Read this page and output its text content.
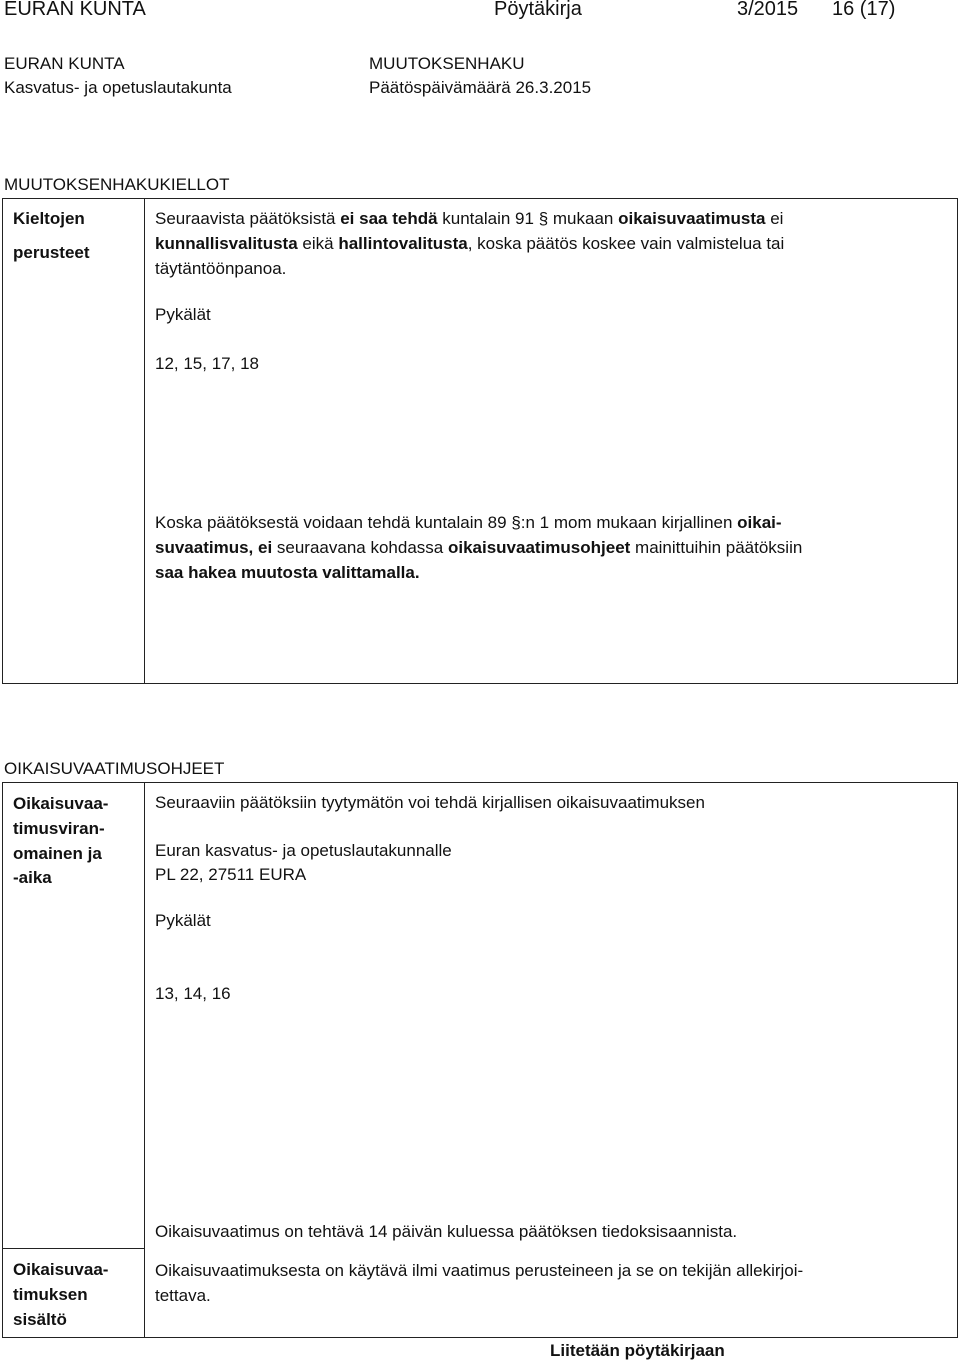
EURAN KUNTA	Pöytäkirja	3/2015 16 (17)
EURAN KUNTA
Kasvatus- ja opetuslautakunta
MUUTOKSENHAKU
Päätöspäivämäärä 26.3.2015
MUUTOKSENHAKUKIELLOT
Kieltojen
perusteet
Seuraavista päätöksistä ei saa tehdä kuntalain 91 § mukaan oikaisuvaatimusta ei
kunnallisvalitusta eikä hallintovalitusta, koska päätös koskee vain valmistelua tai
täytäntöönpanoa.
Pykälät
12, 15, 17, 18
Koska päätöksestä voidaan tehdä kuntalain 89 §:n 1 mom mukaan kirjallinen oikai-
suvaatimus, ei seuraavana kohdassa oikaisuvaatimusohjeet mainittuihin päätöksiin
saa hakea muutosta valittamalla.
OIKAISUVAATIMUSOHJEET
Oikaisuvaa-
timusviran-
omainen ja
-aika
Seuraaviin päätöksiin tyytymätön voi tehdä kirjallisen oikaisuvaatimuksen
Euran kasvatus- ja opetuslautakunnalle
PL 22, 27511 EURA
Pykälät
13, 14, 16
Oikaisuvaatimus on tehtävä 14 päivän kuluessa päätöksen tiedoksisaannista.
Oikaisuvaa-
timuksen
sisältö
Oikaisuvaatimuksesta on käytävä ilmi vaatimus perusteineen ja se on tekijän allekirjoi-
tettava.
Liitetään pöytäkirjaan
